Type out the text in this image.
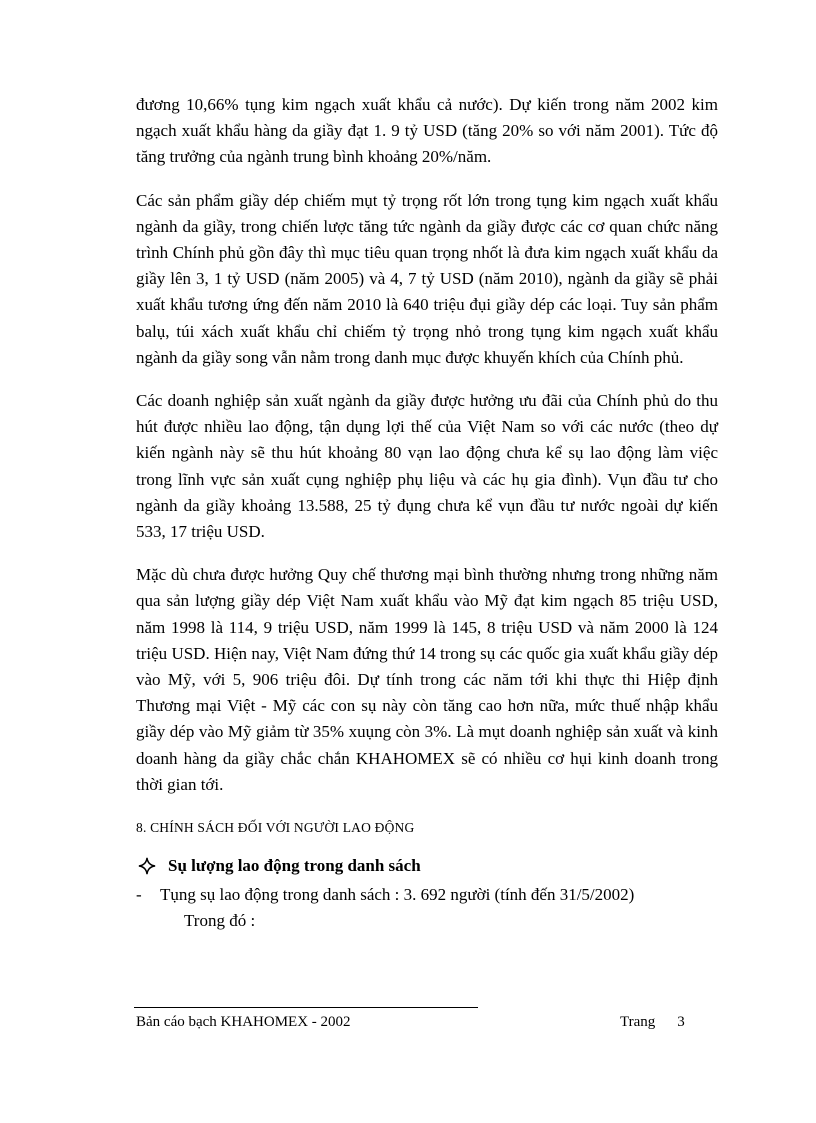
đương 10,66% tụng kim ngạch xuất khẩu cả nước). Dự kiến trong năm 2002 kim ngạch xuất khẩu hàng da giầy đạt 1. 9 tỷ USD (tăng 20% so với năm 2001). Tức độ tăng trưởng của ngành trung bình khoảng 20%/năm.

Các sản phẩm giầy dép chiếm mụt tỷ trọng rốt lớn trong tụng kim ngạch xuất khẩu ngành da giầy, trong chiến lược tăng tức ngành da giầy được các cơ quan chức năng trình Chính phủ gồn đây thì mục tiêu quan trọng nhốt là đưa kim ngạch xuất khẩu da giầy lên 3, 1 tỷ USD (năm 2005) và 4, 7 tỷ USD (năm 2010), ngành da giầy sẽ phải xuất khẩu tương ứng đến năm 2010 là 640 triệu đụi giầy dép các loại. Tuy sản phẩm balụ, túi xách xuất khẩu chỉ chiếm tỷ trọng nhỏ trong tụng kim ngạch xuất khẩu ngành da giầy song vẫn nằm trong danh mục được khuyến khích của Chính phủ.

Các doanh nghiệp sản xuất ngành da giầy được hưởng ưu đãi của Chính phủ do thu hút được nhiều lao động, tận dụng lợi thế của Việt Nam so với các nước (theo dự kiến ngành này sẽ thu hút khoảng 80 vạn lao động chưa kể sụ lao động làm việc trong lĩnh vực sản xuất cụng nghiệp phụ liệu và các hụ gia đình). Vụn đầu tư cho ngành da giầy khoảng 13.588, 25 tỷ đụng chưa kể vụn đầu tư nước ngoài dự kiến 533, 17 triệu USD.

Mặc dù chưa được hưởng Quy chế thương mại bình thường nhưng trong những năm qua sản lượng giầy dép Việt Nam xuất khẩu vào Mỹ đạt kim ngạch 85 triệu USD, năm 1998 là 114, 9 triệu USD, năm 1999 là 145, 8 triệu USD và năm 2000 là 124 triệu USD. Hiện nay, Việt Nam đứng thứ 14 trong sụ các quốc gia xuất khẩu giầy dép vào Mỹ, với 5, 906 triệu đôi. Dự tính trong các năm tới khi thực thi Hiệp định Thương mại Việt - Mỹ các con sụ này còn tăng cao hơn nữa, mức thuế nhập khẩu giầy dép vào Mỹ giảm từ 35% xuụng còn 3%. Là mụt doanh nghiệp sản xuất và kinh doanh hàng da giầy chắc chắn KHAHOMEX sẽ có nhiều cơ hụi kinh doanh trong thời gian tới.

8. CHÍNH SÁCH ĐỐI VỚI NGƯỜI LAO ĐỘNG
Sụ lượng lao động trong danh sách
-	Tụng sụ lao động trong danh sách : 3. 692 người (tính đến 31/5/2002)
Trong đó :
Bản cáo bạch KHAHOMEX - 2002	Trang 3
